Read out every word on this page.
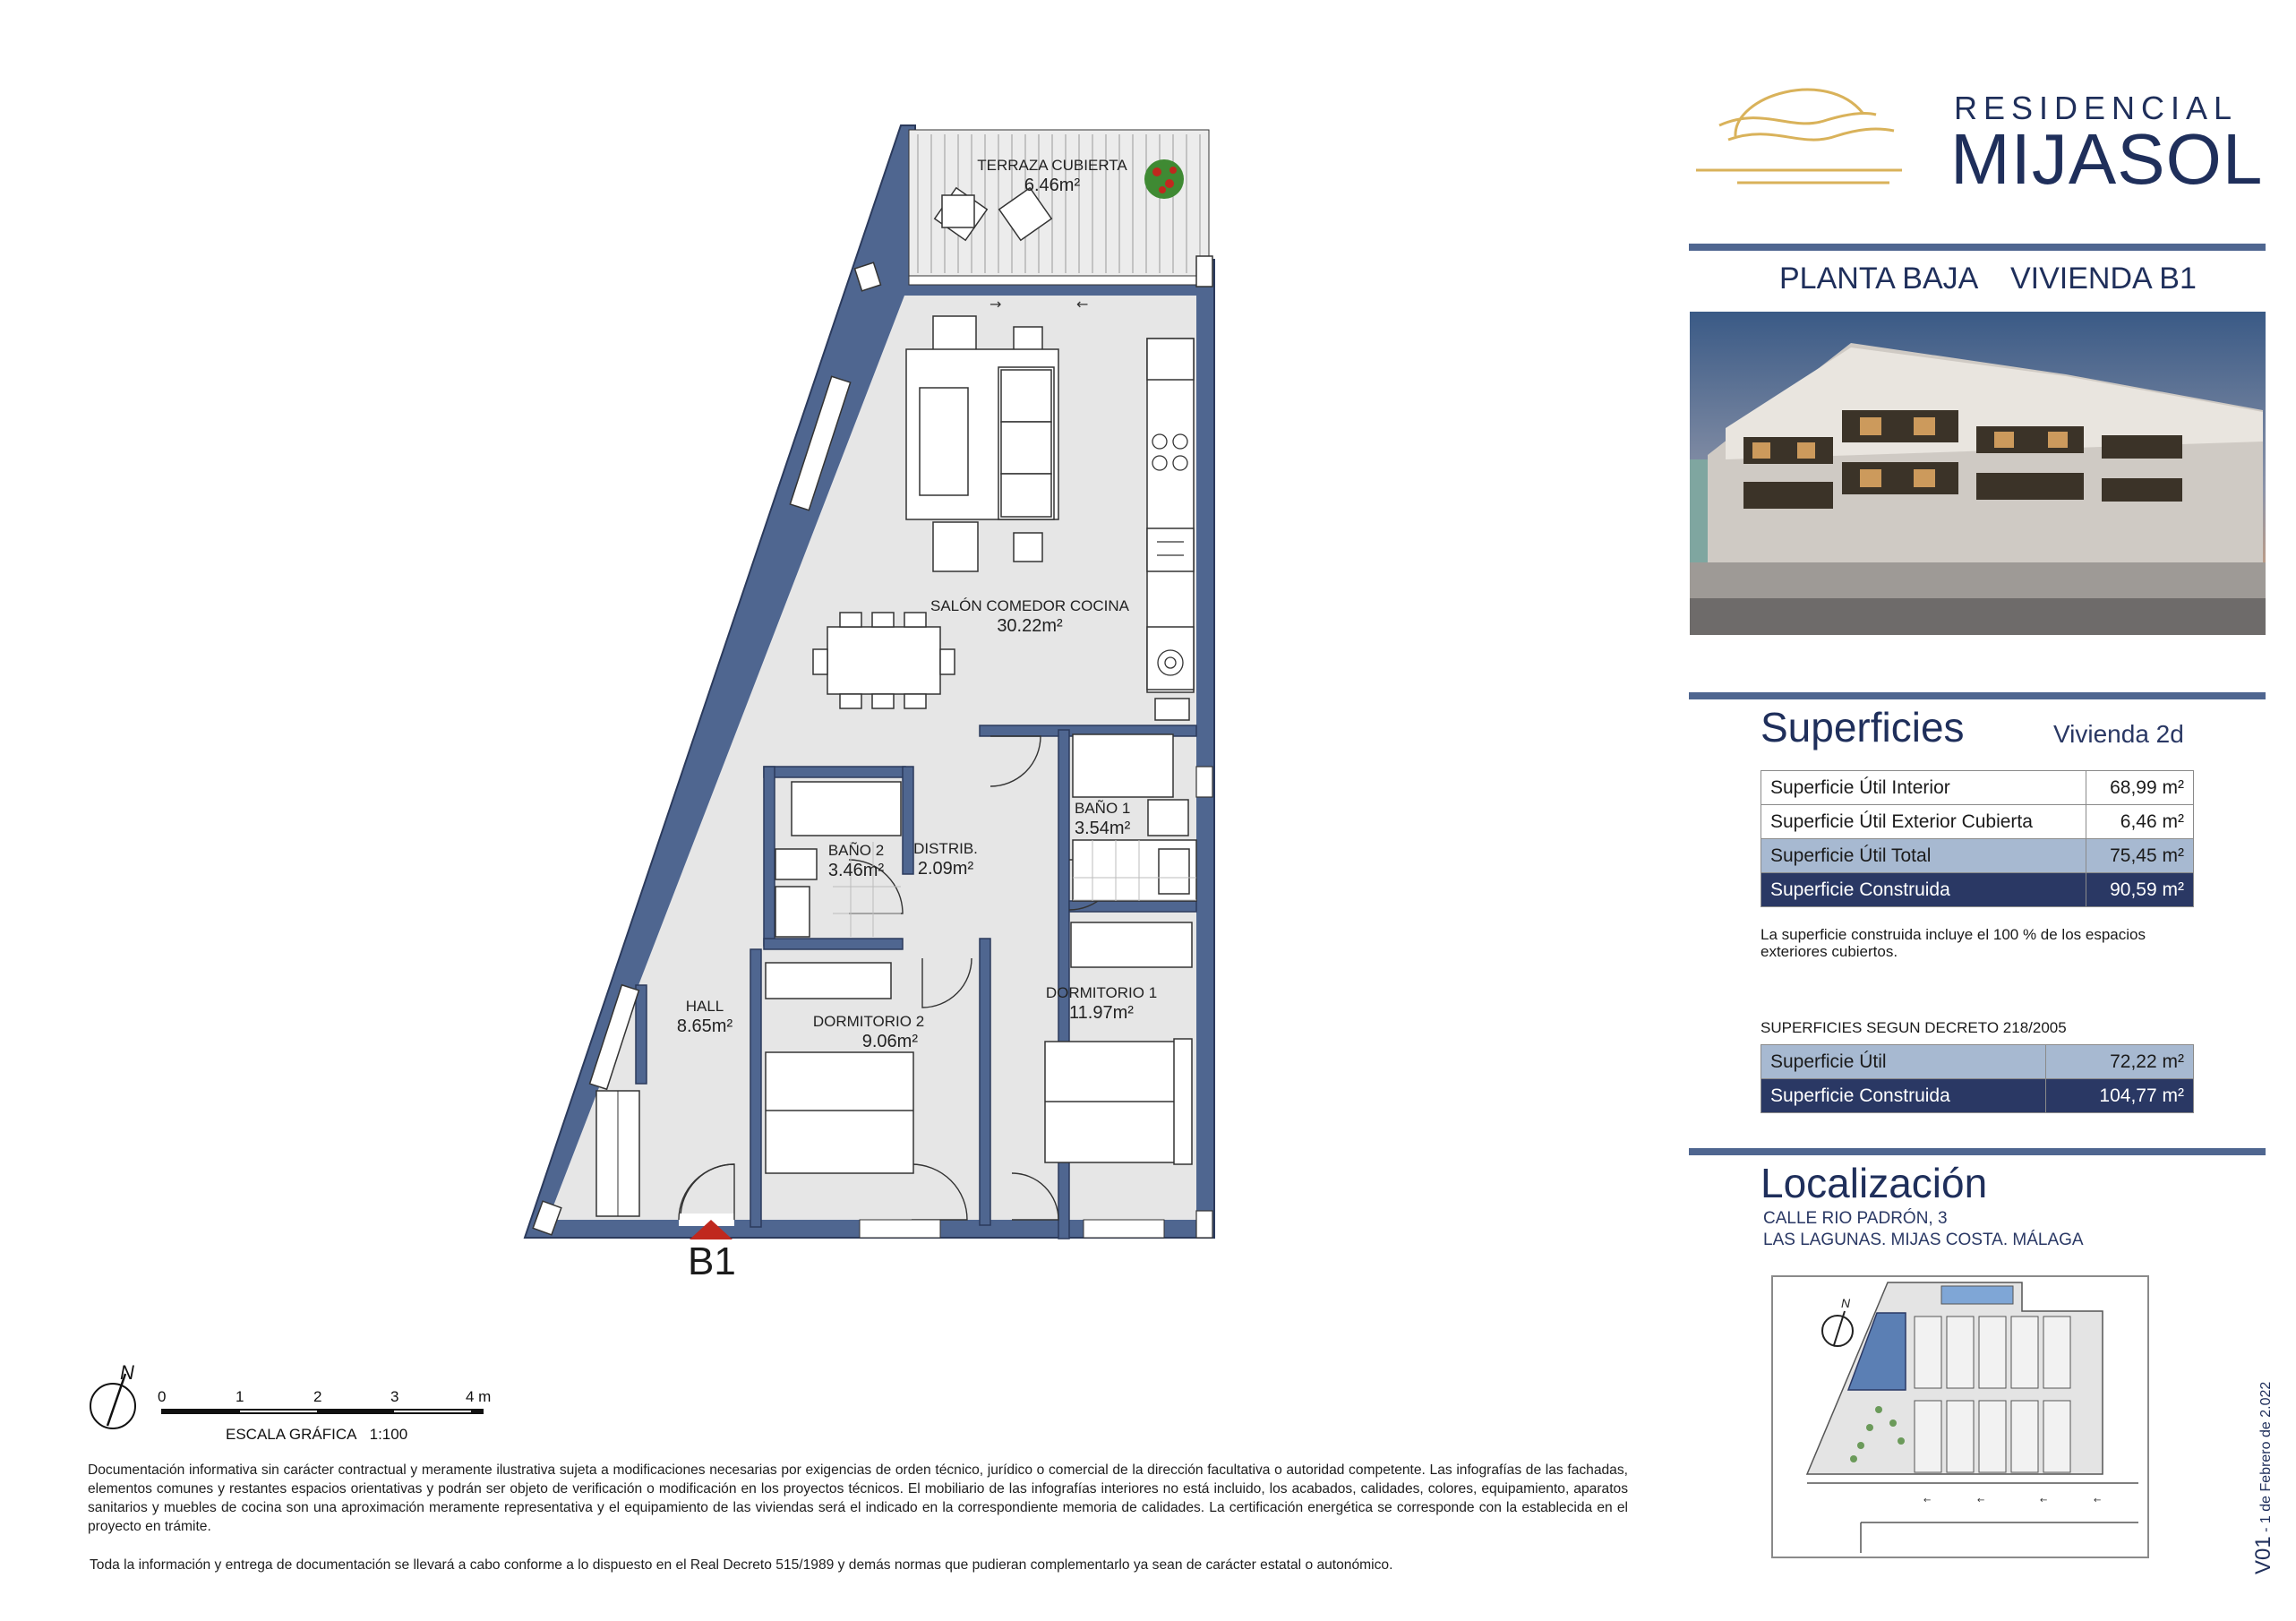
→	←
TERRAZA CUBIERTA
6.46m²
SALÓN COMEDOR COCINA
30.22m²
BAÑO 1
3.54m²
BAÑO 2
3.46m²
DISTRIB.
2.09m²
HALL
8.65m²	DORMITORIO 2
9.06m²
DORMITORIO 1
11.97m²
B1
N
0	1	2	3	4 m
ESCALA GRÁFICA 1:100
Documentación informativa sin carácter contractual y meramente ilustrativa sujeta a modificaciones necesarias por exigencias de orden técnico, jurídico o comercial de la dirección facultativa o autoridad competente. Las infografías de las fachadas, elementos comunes y restantes espacios orientativas y podrán ser objeto de verificación o modificación en los proyectos técnicos. El mobiliario de las infografías interiores no está incluido, los acabados, calidades, colores, equipamiento, aparatos sanitarios y muebles de cocina son una aproximación meramente representativa y el equipamiento de las viviendas será el indicado en la correspondiente memoria de calidades. La certificación energética se corresponde con la establecida en el proyecto en trámite.
Toda la información y entrega de documentación se llevará a cabo conforme a lo dispuesto en el Real Decreto 515/1989 y demás normas que pudieran complementarlo ya sean de carácter estatal o autonómico.
RESIDENCIAL
MIJASOL
PLANTA BAJA VIVIENDA B1
Superficies	Vivienda 2d
Superficie Útil Interior	68,99 m²
Superficie Útil Exterior Cubierta	6,46 m²
Superficie Útil Total	75,45 m²
Superficie Construida	90,59 m²
La superficie construida incluye el 100 % de los espacios exteriores cubiertos.
SUPERFICIES SEGUN DECRETO 218/2005
Superficie Útil	72,22 m²
Superficie Construida	104,77 m²
Localización
CALLE RIO PADRÓN, 3
LAS LAGUNAS. MIJAS COSTA. MÁLAGA
N
←	←	←	←
V01 - 1 de Febrero de 2.022
